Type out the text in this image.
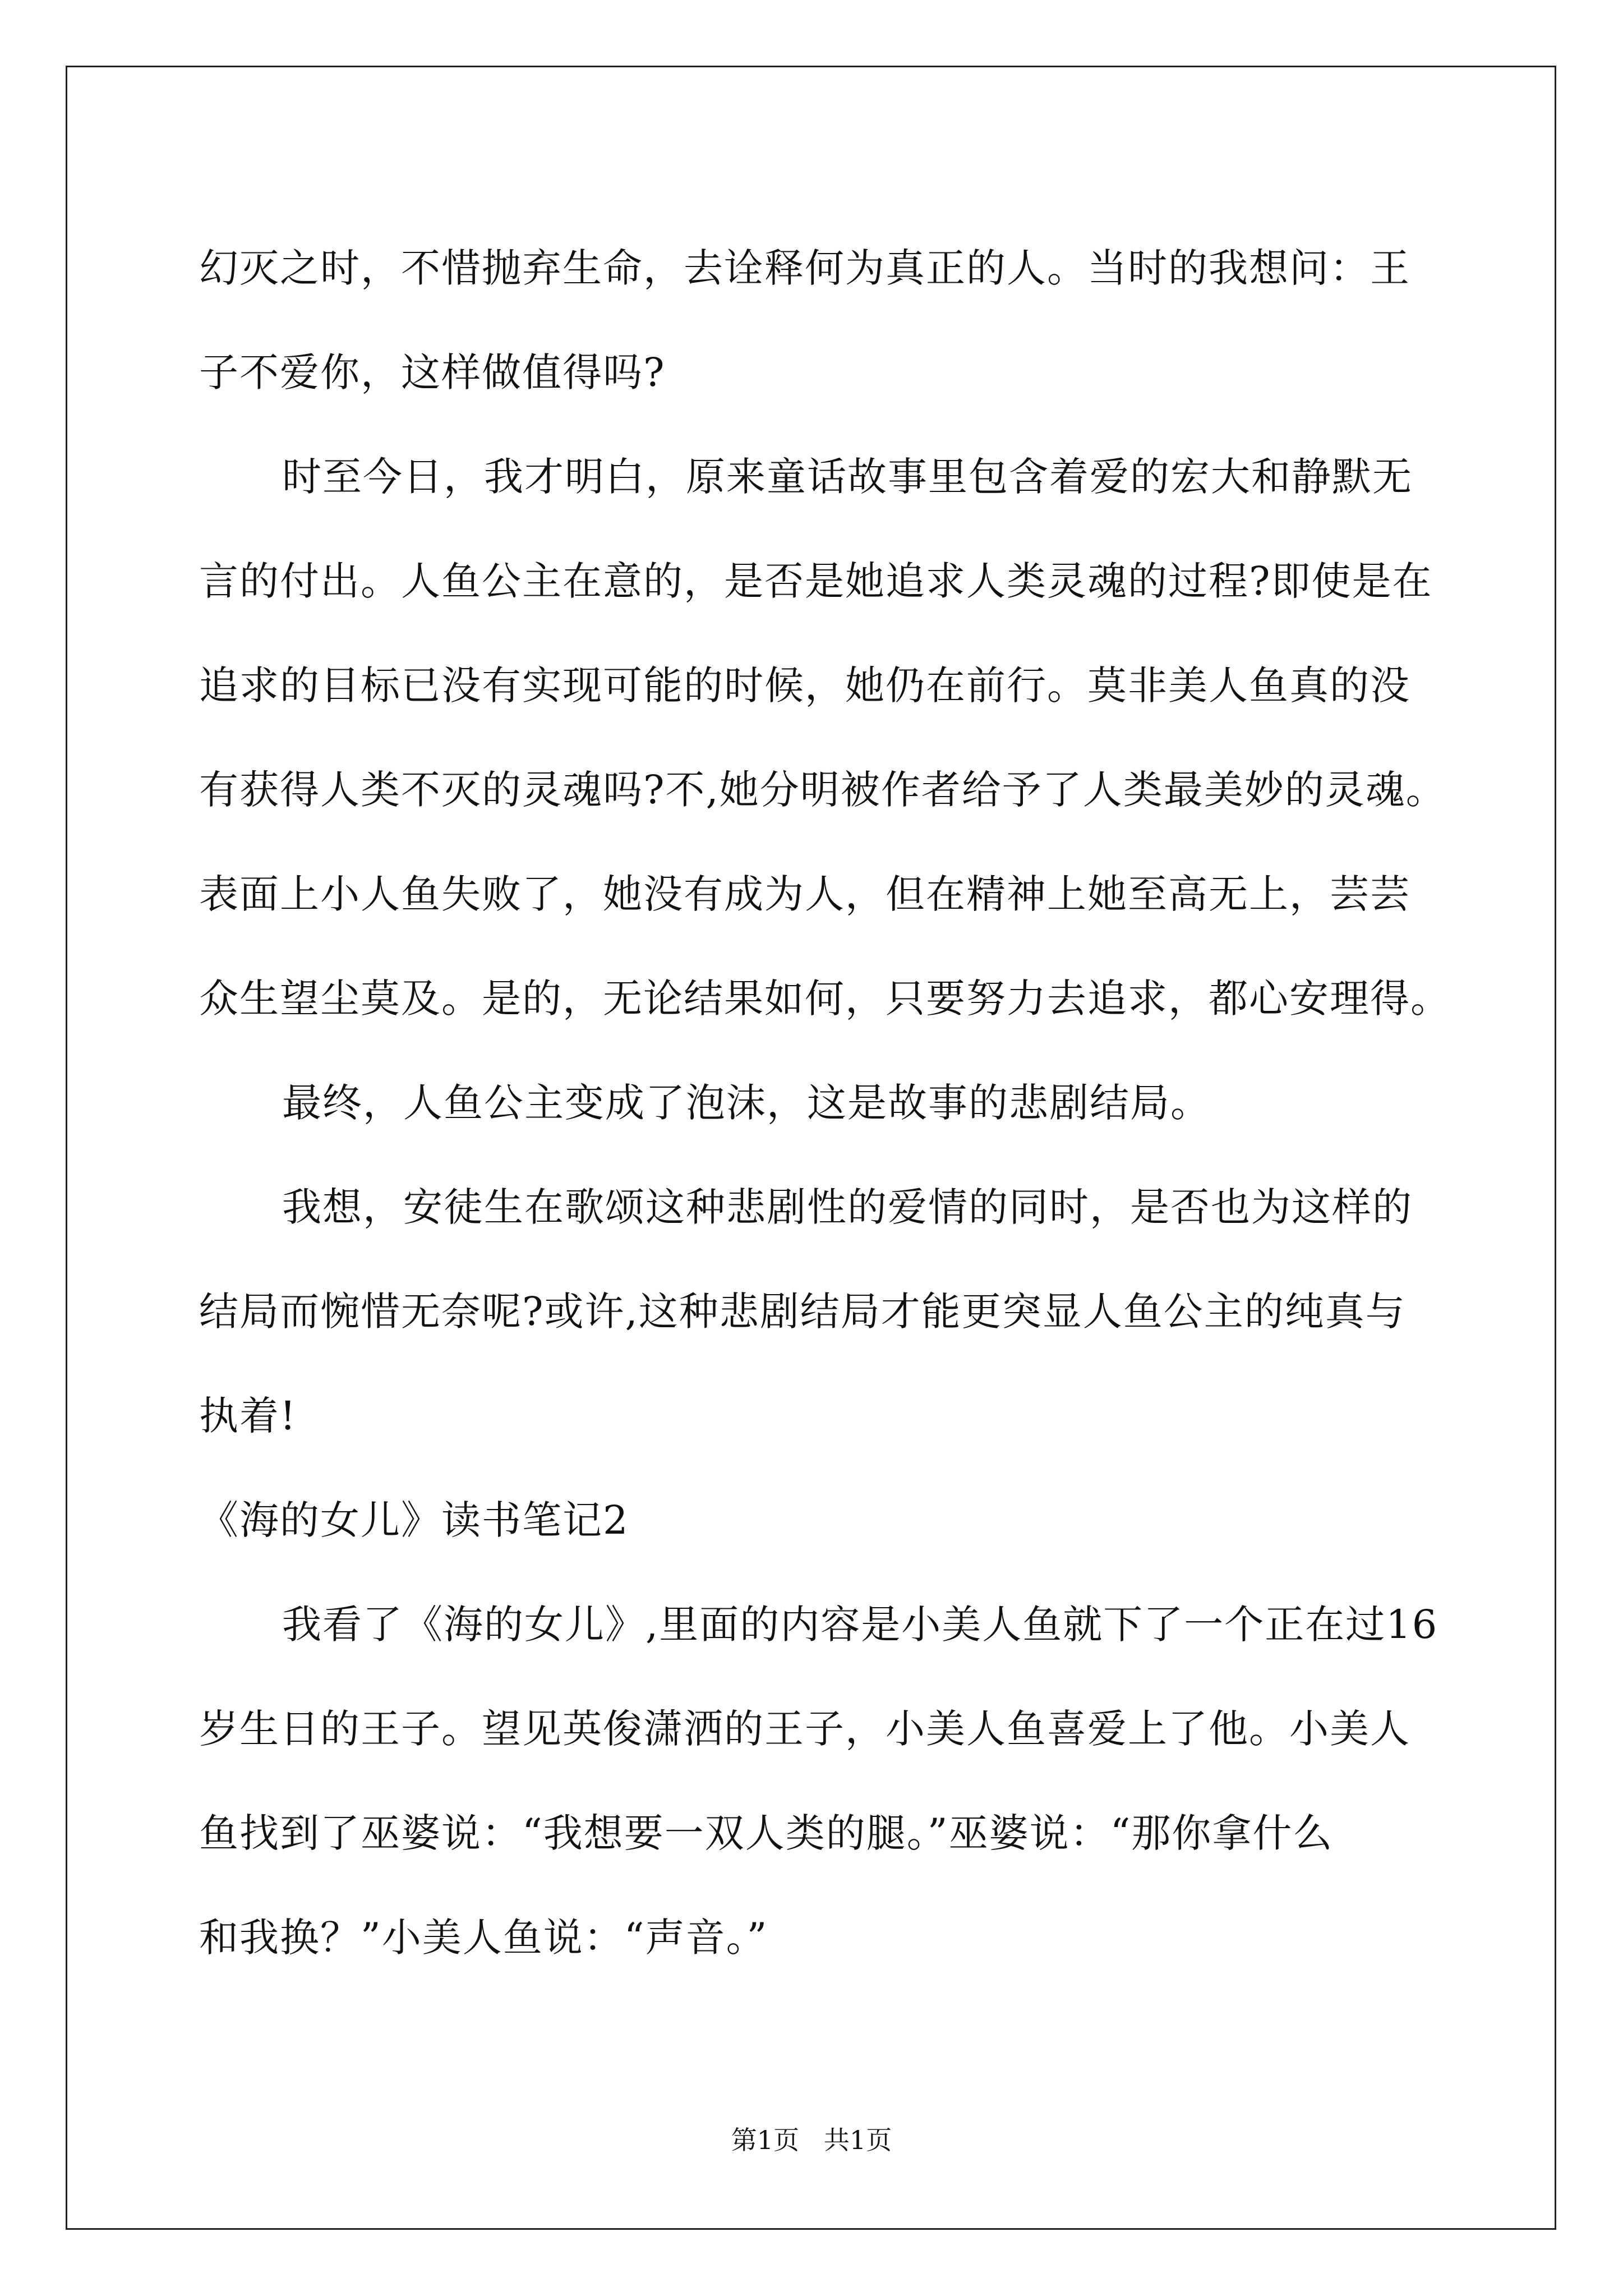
幻灭之时，不惜抛弃生命，去诠释何为真正的人。当时的我想问：王
子不爱你，这样做值得吗?
时至今日，我才明白，原来童话故事里包含着爱的宏大和静默无
言的付出。人鱼公主在意的，是否是她追求人类灵魂的过程?即使是在
追求的目标已没有实现可能的时候，她仍在前行。莫非美人鱼真的没
有获得人类不灭的灵魂吗?不,她分明被作者给予了人类最美妙的灵魂。
表面上小人鱼失败了，她没有成为人，但在精神上她至高无上，芸芸
众生望尘莫及。是的，无论结果如何，只要努力去追求，都心安理得。
最终，人鱼公主变成了泡沫，这是故事的悲剧结局。
我想，安徒生在歌颂这种悲剧性的爱情的同时，是否也为这样的
结局而惋惜无奈呢?或许,这种悲剧结局才能更突显人鱼公主的纯真与
执着!
《海的女儿》读书笔记2
我看了《海的女儿》,里面的内容是小美人鱼就下了一个正在过16
岁生日的王子。望见英俊潇洒的王子，小美人鱼喜爱上了他。小美人
鱼找到了巫婆说：“我想要一双人类的腿。”巫婆说：“那你拿什么
和我换？”小美人鱼说：“声音。”
第1页   共1页
